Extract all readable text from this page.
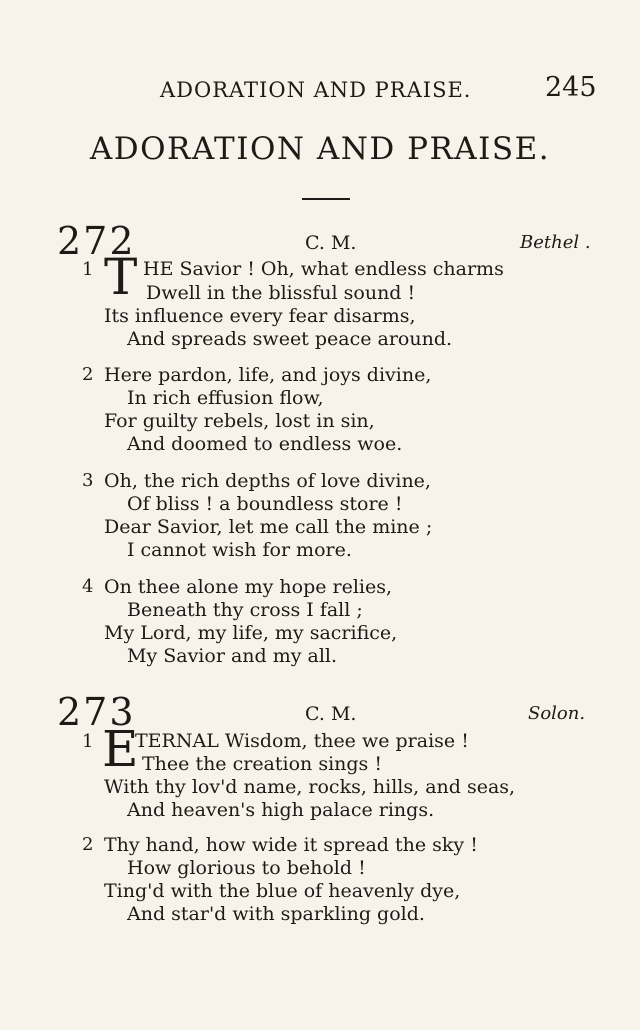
ADORATION AND PRAISE.	245
ADORATION AND PRAISE.
272	C. M.	Bethel .
1 T HE Savior ! Oh, what endless charms
Dwell in the blissful sound !
Its influence every fear disarms,
And spreads sweet peace around.
2 Here pardon, life, and joys divine,
In rich effusion flow,
For guilty rebels, lost in sin,
And doomed to endless woe.
3 Oh, the rich depths of love divine,
Of bliss ! a boundless store !
Dear Savior, let me call the mine ;
I cannot wish for more.
4 On thee alone my hope relies,
Beneath thy cross I fall ;
My Lord, my life, my sacrifice,
My Savior and my all.
273	C. M.	Solon.
1 E
TERNAL Wisdom, thee we praise !
Thee the creation sings !
With thy lov'd name, rocks, hills, and seas,
And heaven's high palace rings.
2 Thy hand, how wide it spread the sky !
How glorious to behold !
Ting'd with the blue of heavenly dye,
And star'd with sparkling gold.
